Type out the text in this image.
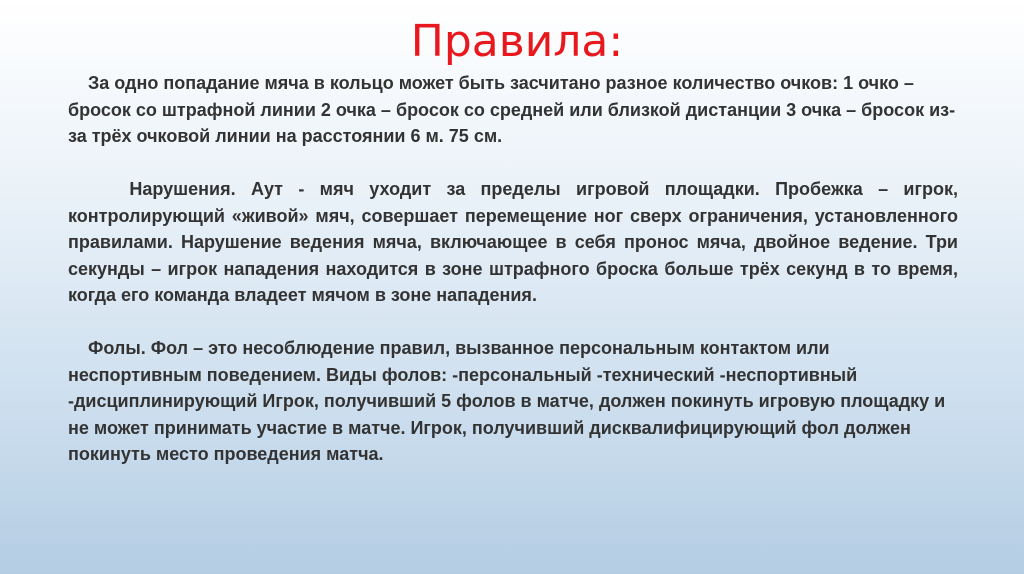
Правила:

За одно попадание мяча в кольцо может быть засчитано разное количество очков: 1 очко – бросок со штрафной линии 2 очка – бросок со средней или близкой дистанции 3 очка – бросок из-за трёх очковой линии на расстоянии 6 м. 75 см.

Нарушения. Аут - мяч уходит за пределы игровой площадки. Пробежка – игрок, контролирующий «живой» мяч, совершает перемещение ног сверх ограничения, установленного правилами. Нарушение ведения мяча, включающее в себя пронос мяча, двойное ведение. Три секунды – игрок нападения находится в зоне штрафного броска больше трёх секунд в то время, когда его команда владеет мячом в зоне нападения.

Фолы. Фол – это несоблюдение правил, вызванное персональным контактом или неспортивным поведением. Виды фолов: -персональный -технический -неспортивный -дисциплинирующий Игрок, получивший 5 фолов в матче, должен покинуть игровую площадку и не может принимать участие в матче. Игрок, получивший дисквалифицирующий фол должен покинуть место проведения матча.
